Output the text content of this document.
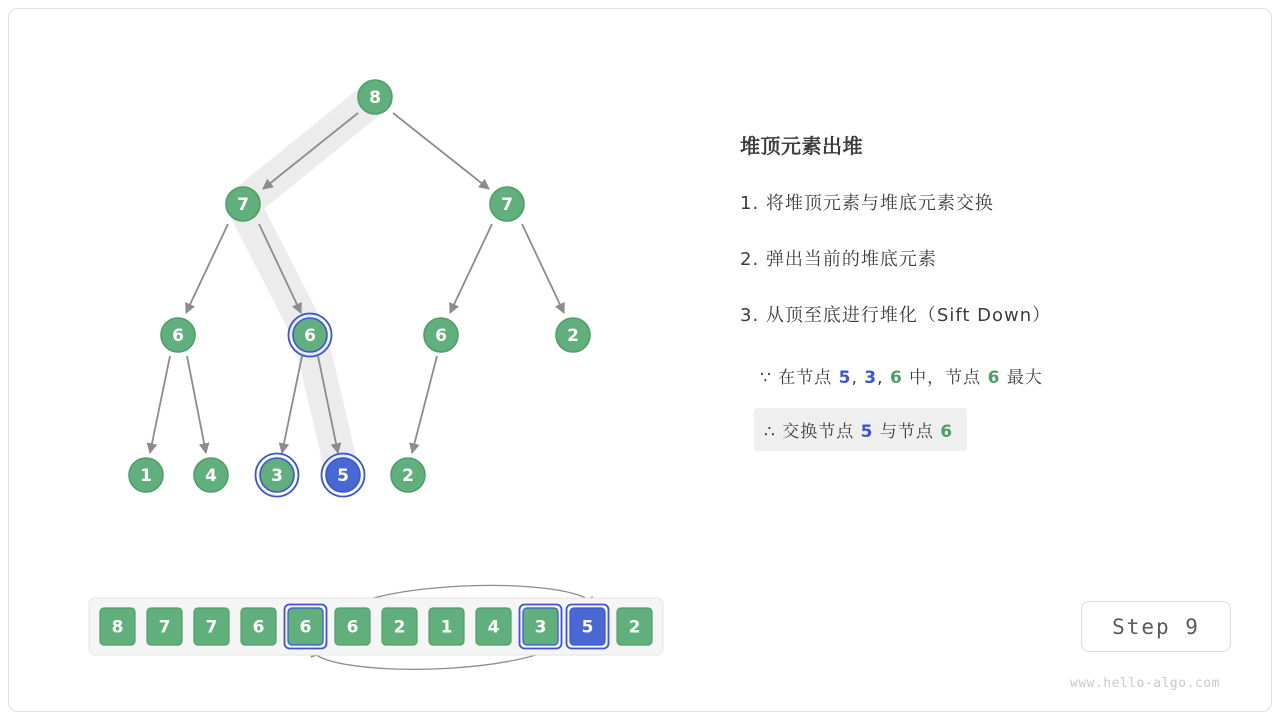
8
7	7
6	6	6	2
1	4	3	5	2
8 7 7 6 6 6 2 1 4 3 5 2
堆顶元素出堆
1. 将堆顶元素与堆底元素交换
2. 弹出当前的堆底元素
3. 从顶至底进行堆化（Sift Down）
∵ 在节点 5, 3, 6 中，节点 6 最大
∴ 交换节点 5 与节点 6
Step 9
www.hello-algo.com
